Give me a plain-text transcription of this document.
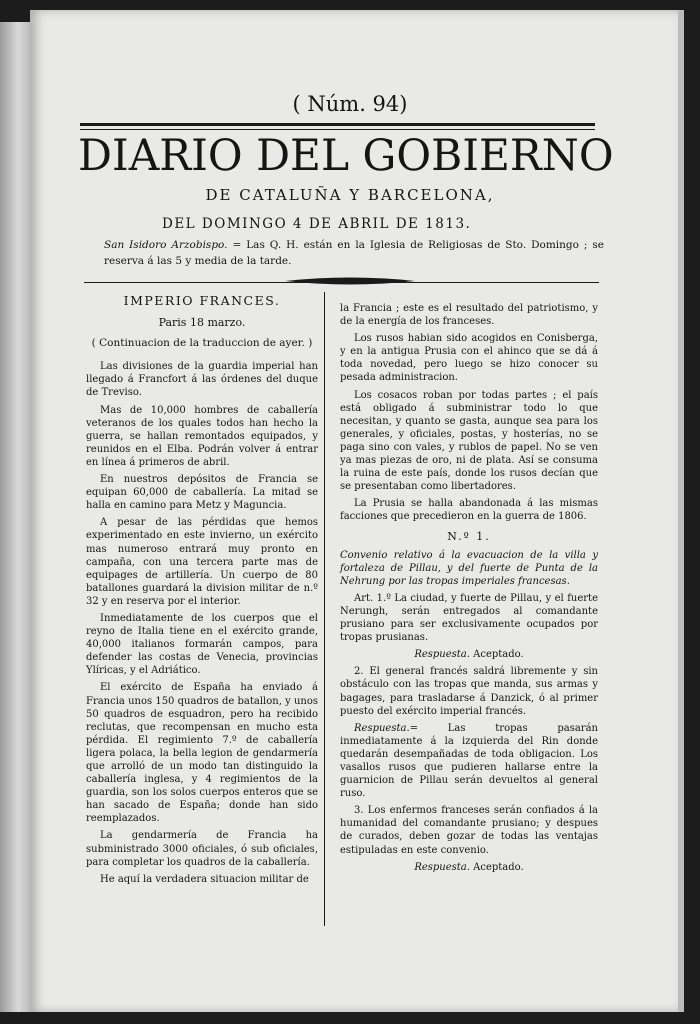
( Núm. 94)
DIARIO DEL GOBIERNO
DE CATALUÑA Y BARCELONA,
DEL DOMINGO 4 DE ABRIL DE 1813.
San Isidoro Arzobispo. = Las Q. H. están en la Iglesia de Religiosas de Sto. Domingo ; se reserva á las 5 y media de la tarde.
IMPERIO FRANCES.
Paris 18 marzo.
( Continuacion de la traduccion de ayer. )

Las divisiones de la guardia imperial han llegado á Francfort á las órdenes del duque de Treviso.

Mas de 10,000 hombres de caballería veteranos de los quales todos han hecho la guerra, se hallan remontados equipados, y reunidos en el Elba. Podrán volver á entrar en línea á primeros de abril.

En nuestros depósitos de Francia se equipan 60,000 de caballería. La mitad se halla en camino para Metz y Maguncia.

A pesar de las pérdidas que hemos experimentado en este invierno, un exército mas numeroso entrará muy pronto en campaña, con una tercera parte mas de equipages de artillería. Un cuerpo de 80 batallones guardará la division militar de n.º 32 y en reserva por el interior.

Inmediatamente de los cuerpos que el reyno de Italia tiene en el exército grande, 40,000 italianos formarán campos, para defender las costas de Venecia, provincias Ylíricas, y el Adriático.

El exército de España ha enviado á Francia unos 150 quadros de batallon, y unos 50 quadros de esquadron, pero ha recibido reclutas, que recompensan en mucho esta pérdida. El regimiento 7.º de caballería ligera polaca, la bella legion de gendarmería que arrolló de un modo tan distinguido la caballería inglesa, y 4 regimientos de la guardia, son los solos cuerpos enteros que se han sacado de España; donde han sido reemplazados.

La gendarmería de Francia ha subministrado 3000 oficiales, ó sub oficiales, para completar los quadros de la caballería.

He aquí la verdadera situacion militar de

la Francia ; este es el resultado del patriotismo, y de la energía de los franceses.

Los rusos habian sido acogidos en Conisberga, y en la antigua Prusia con el ahinco que se dá á toda novedad, pero luego se hizo conocer su pesada administracion.

Los cosacos roban por todas partes ; el país está obligado á subministrar todo lo que necesitan, y quanto se gasta, aunque sea para los generales, y oficiales, postas, y hosterías, no se paga sino con vales, y rublos de papel. No se ven ya mas piezas de oro, ni de plata. Así se consuma la ruina de este país, donde los rusos decían que se presentaban como libertadores.

La Prusia se halla abandonada á las mismas facciones que precedieron en la guerra de 1806.

N.º 1.

Convenio relativo á la evacuacion de la villa y fortaleza de Pillau, y del fuerte de Punta de la Nehrung por las tropas imperiales francesas.

Art. 1.º La ciudad, y fuerte de Pillau, y el fuerte Nerungh, serán entregados al comandante prusiano para ser exclusivamente ocupados por tropas prusianas.

Respuesta. Aceptado.

2. El general francés saldrá libremente y sin obstáculo con las tropas que manda, sus armas y bagages, para trasladarse á Danzick, ó al primer puesto del exército imperial francés.

Respuesta.= Las tropas pasarán inmediatamente á la izquierda del Rin donde quedarán desempañadas de toda obligacion. Los vasallos rusos que pudieren hallarse entre la guarnicion de Pillau serán devueltos al general ruso.

3. Los enfermos franceses serán confiados á la humanidad del comandante prusiano; y despues de curados, deben gozar de todas las ventajas estipuladas en este convenio.

Respuesta. Aceptado.
